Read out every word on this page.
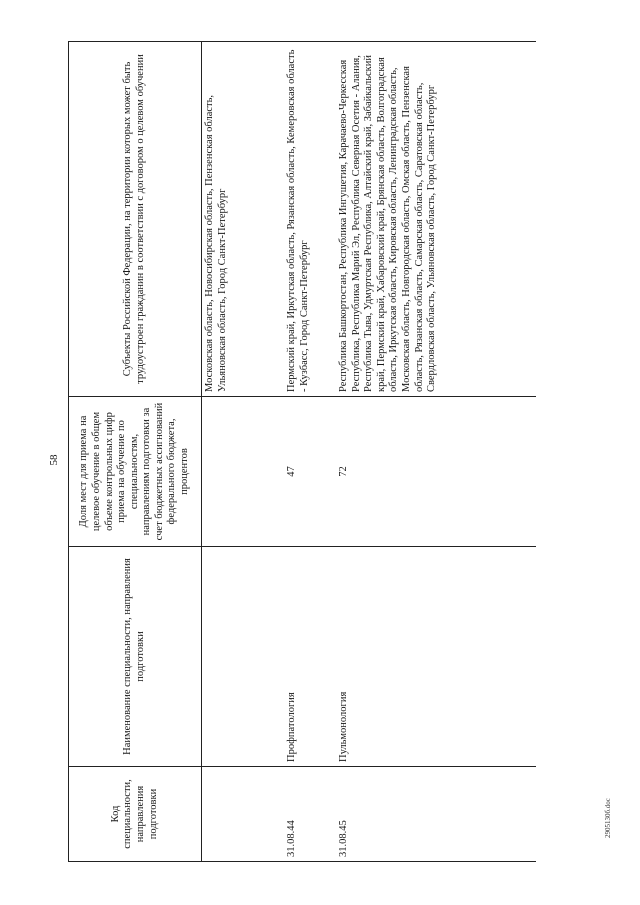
58
2905130б.doc
Код специальности, направления подготовки	Наименование специальности, направления подготовки	Доля мест для приема на целевое обучение в общем объеме контрольных цифр приема на обучение по специальностям, направлениям подготовки за счет бюджетных ассигнований федерального бюджета, процентов	Субъекты Российской Федерации, на территории которых может быть трудоустроен гражданин в соответствии с договором о целевом обучении
			Московская область, Новосибирская область, Пензенская область, Ульяновская область, Город Санкт-Петербург
31.08.44	Профпатология	47	Пермский край, Иркутская область, Рязанская область, Кемеровская область - Кузбасс, Город Санкт-Петербург
31.08.45	Пульмонология	72	Республика Башкортостан, Республика Ингушетия, Карачаево-Черкесская Республика, Республика Марий Эл, Республика Северная Осетия - Алания, Республика Тыва, Удмуртская Республика, Алтайский край, Забайкальский край, Пермский край, Хабаровский край, Брянская область, Волгоградская область, Иркутская область, Кировская область, Ленинградская область, Московская область, Новгородская область, Омская область, Пензенская область, Рязанская область, Самарская область, Саратовская область, Свердловская область, Ульяновская область, Город Санкт-Петербург
